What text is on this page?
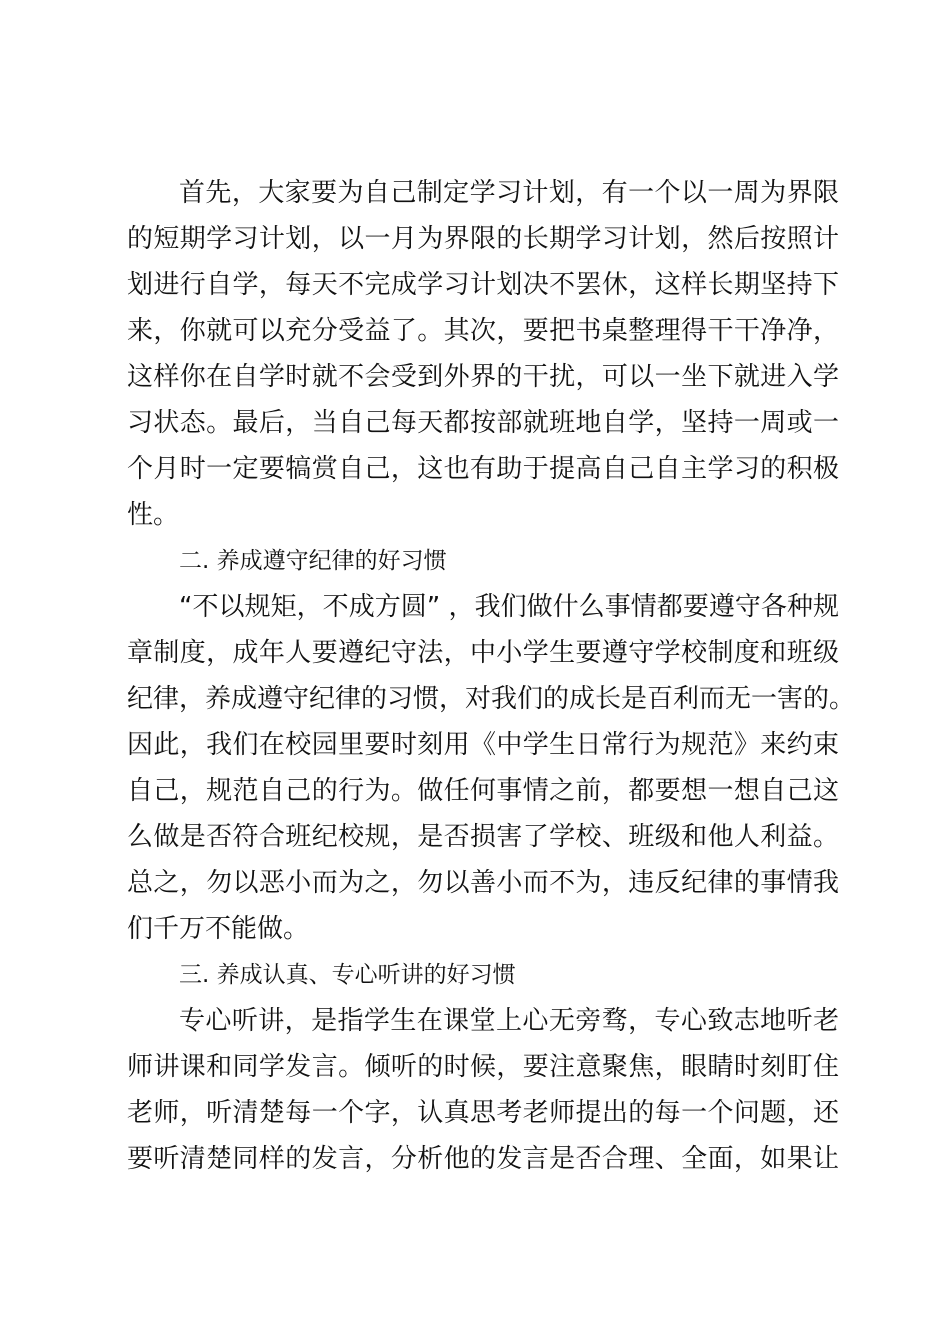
首先，大家要为自己制定学习计划，有一个以一周为界限
的短期学习计划，以一月为界限的长期学习计划，然后按照计
划进行自学，每天不完成学习计划决不罢休，这样长期坚持下
来，你就可以充分受益了。其次，要把书桌整理得干干净净，
这样你在自学时就不会受到外界的干扰，可以一坐下就进入学
习状态。最后，当自己每天都按部就班地自学，坚持一周或一
个月时一定要犒赏自己，这也有助于提高自己自主学习的积极
性。

二. 养成遵守纪律的好习惯

“不以规矩，不成方圆” ，我们做什么事情都要遵守各种规
章制度，成年人要遵纪守法，中小学生要遵守学校制度和班级
纪律，养成遵守纪律的习惯，对我们的成长是百利而无一害的。
因此，我们在校园里要时刻用《中学生日常行为规范》来约束
自己，规范自己的行为。做任何事情之前，都要想一想自己这
么做是否符合班纪校规，是否损害了学校、班级和他人利益。
总之，勿以恶小而为之，勿以善小而不为，违反纪律的事情我
们千万不能做。

三. 养成认真、专心听讲的好习惯

专心听讲，是指学生在课堂上心无旁骛，专心致志地听老
师讲课和同学发言。倾听的时候，要注意聚焦，眼睛时刻盯住
老师，听清楚每一个字，认真思考老师提出的每一个问题，还
要听清楚同样的发言，分析他的发言是否合理、全面，如果让
